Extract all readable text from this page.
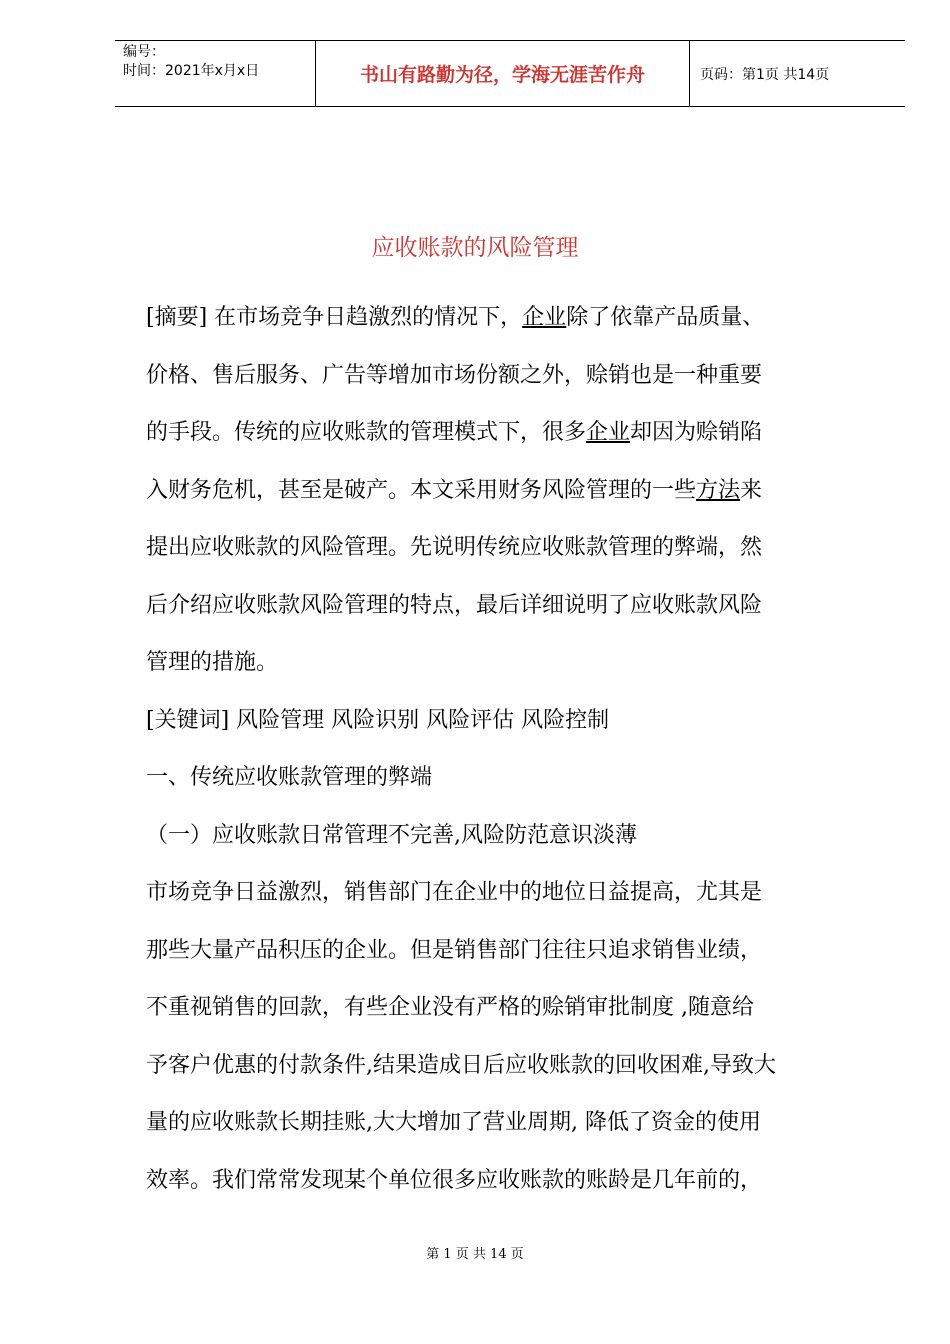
编号：
时间：2021年x月x日	书山有路勤为径，学海无涯苦作舟	页码：第1页 共14页
应收账款的风险管理

[摘要] 在市场竞争日趋激烈的情况下，企业除了依靠产品质量、

价格、售后服务、广告等增加市场份额之外，赊销也是一种重要

的手段。传统的应收账款的管理模式下，很多企业却因为赊销陷

入财务危机，甚至是破产。本文采用财务风险管理的一些方法来

提出应收账款的风险管理。先说明传统应收账款管理的弊端，然

后介绍应收账款风险管理的特点，最后详细说明了应收账款风险

管理的措施。

[关键词] 风险管理 风险识别 风险评估 风险控制

一、传统应收账款管理的弊端

（一）应收账款日常管理不完善,风险防范意识淡薄

市场竞争日益激烈，销售部门在企业中的地位日益提高，尤其是

那些大量产品积压的企业。但是销售部门往往只追求销售业绩，

不重视销售的回款，有些企业没有严格的赊销审批制度 ,随意给

予客户优惠的付款条件,结果造成日后应收账款的回收困难,导致大

量的应收账款长期挂账,大大增加了营业周期, 降低了资金的使用

效率。我们常常发现某个单位很多应收账款的账龄是几年前的，

第 1 页 共 14 页
